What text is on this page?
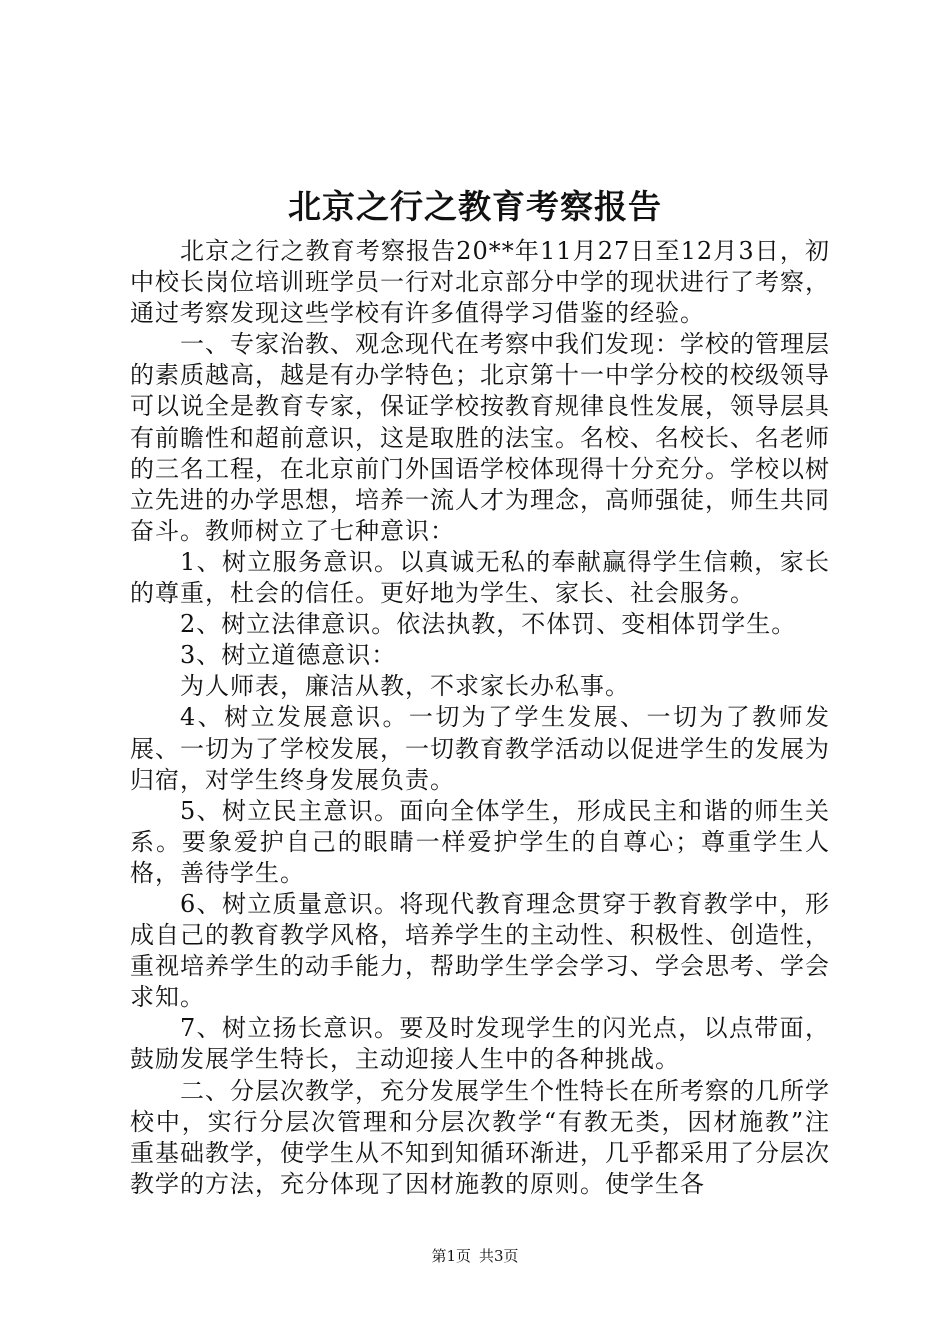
北京之行之教育考察报告

北京之行之教育考察报告20**年11月27日至12月3日，初中校长岗位培训班学员一行对北京部分中学的现状进行了考察，通过考察发现这些学校有许多值得学习借鉴的经验。

一、专家治教、观念现代在考察中我们发现：学校的管理层的素质越高，越是有办学特色；北京第十一中学分校的校级领导可以说全是教育专家，保证学校按教育规律良性发展，领导层具有前瞻性和超前意识，这是取胜的法宝。名校、名校长、名老师的三名工程，在北京前门外国语学校体现得十分充分。学校以树立先进的办学思想，培养一流人才为理念，高师强徒，师生共同奋斗。教师树立了七种意识：

1、树立服务意识。以真诚无私的奉献赢得学生信赖，家长的尊重，杜会的信任。更好地为学生、家长、社会服务。

2、树立法律意识。依法执教，不体罚、变相体罚学生。

3、树立道德意识：

为人师表，廉洁从教，不求家长办私事。

4、树立发展意识。一切为了学生发展、一切为了教师发展、一切为了学校发展，一切教育教学活动以促进学生的发展为归宿，对学生终身发展负责。

5、树立民主意识。面向全体学生，形成民主和谐的师生关系。要象爱护自己的眼睛一样爱护学生的自尊心；尊重学生人格，善待学生。

6、树立质量意识。将现代教育理念贯穿于教育教学中，形成自己的教育教学风格，培养学生的主动性、积极性、创造性，重视培养学生的动手能力，帮助学生学会学习、学会思考、学会求知。

7、树立扬长意识。要及时发现学生的闪光点，以点带面，鼓励发展学生特长，主动迎接人生中的各种挑战。

二、分层次教学，充分发展学生个性特长在所考察的几所学校中，实行分层次管理和分层次教学“有教无类，因材施教”注重基础教学，使学生从不知到知循环渐进，几乎都采用了分层次教学的方法，充分体现了因材施教的原则。使学生各

第1页 共3页
